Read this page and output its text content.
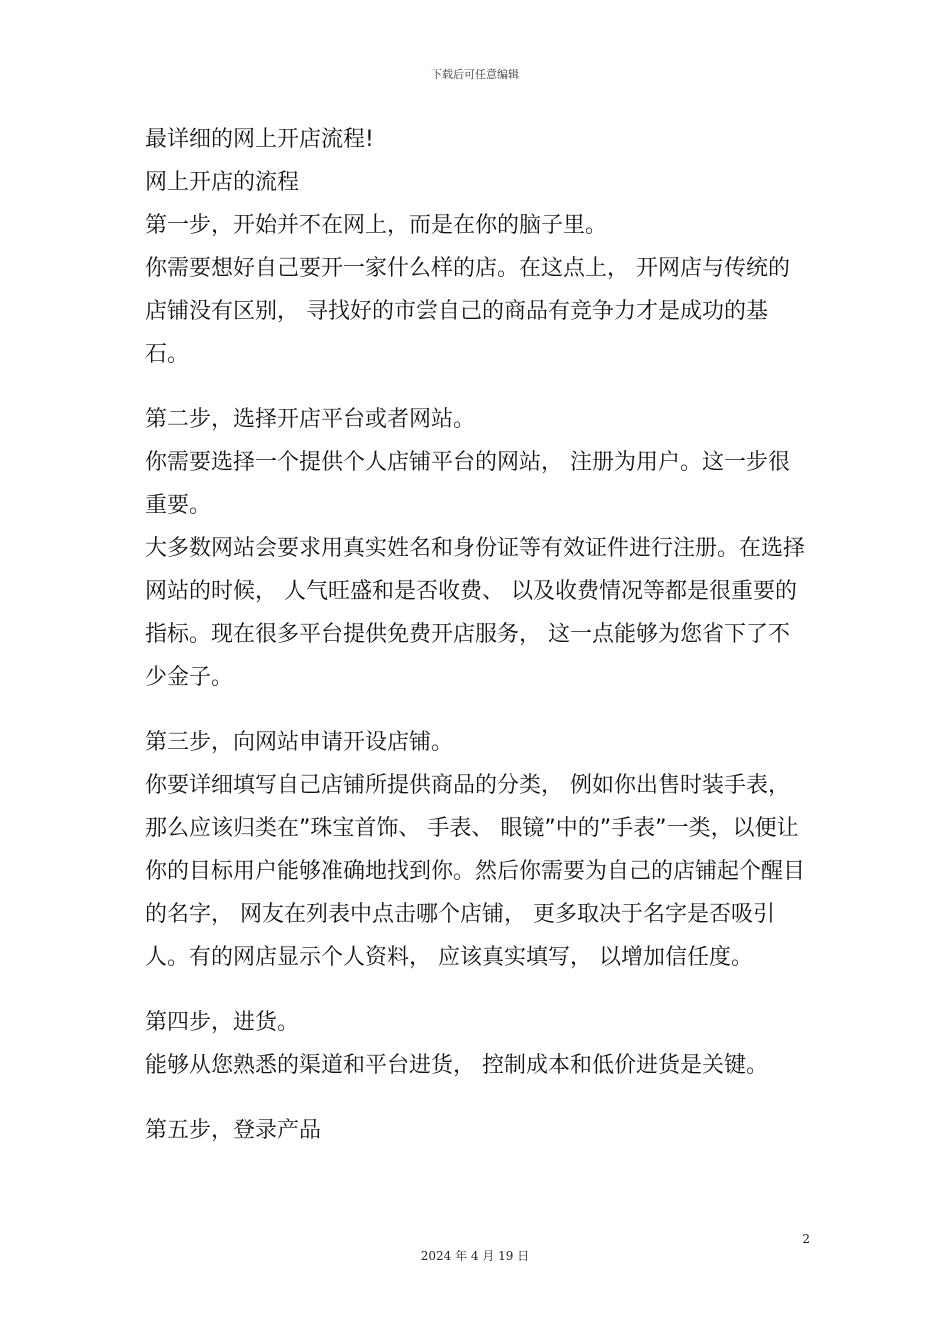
下载后可任意编辑

最详细的网上开店流程!

网上开店的流程

第一步，开始并不在网上，而是在你的脑子里。

你需要想好自己要开一家什么样的店。在这点上， 开网店与传统的店铺没有区别， 寻找好的市尝自己的商品有竞争力才是成功的基石。

第二步，选择开店平台或者网站。

你需要选择一个提供个人店铺平台的网站， 注册为用户。这一步很重要。

大多数网站会要求用真实姓名和身份证等有效证件进行注册。在选择网站的时候， 人气旺盛和是否收费、 以及收费情况等都是很重要的指标。现在很多平台提供免费开店服务， 这一点能够为您省下了不少金子。

第三步，向网站申请开设店铺。

你要详细填写自己店铺所提供商品的分类， 例如你出售时装手表， 那么应该归类在”珠宝首饰、 手表、 眼镜”中的”手表”一类，以便让你的目标用户能够准确地找到你。然后你需要为自己的店铺起个醒目的名字， 网友在列表中点击哪个店铺， 更多取决于名字是否吸引人。有的网店显示个人资料， 应该真实填写， 以增加信任度。

第四步，进货。

能够从您熟悉的渠道和平台进货， 控制成本和低价进货是关键。

第五步，登录产品

2
2024 年 4 月 19 日
